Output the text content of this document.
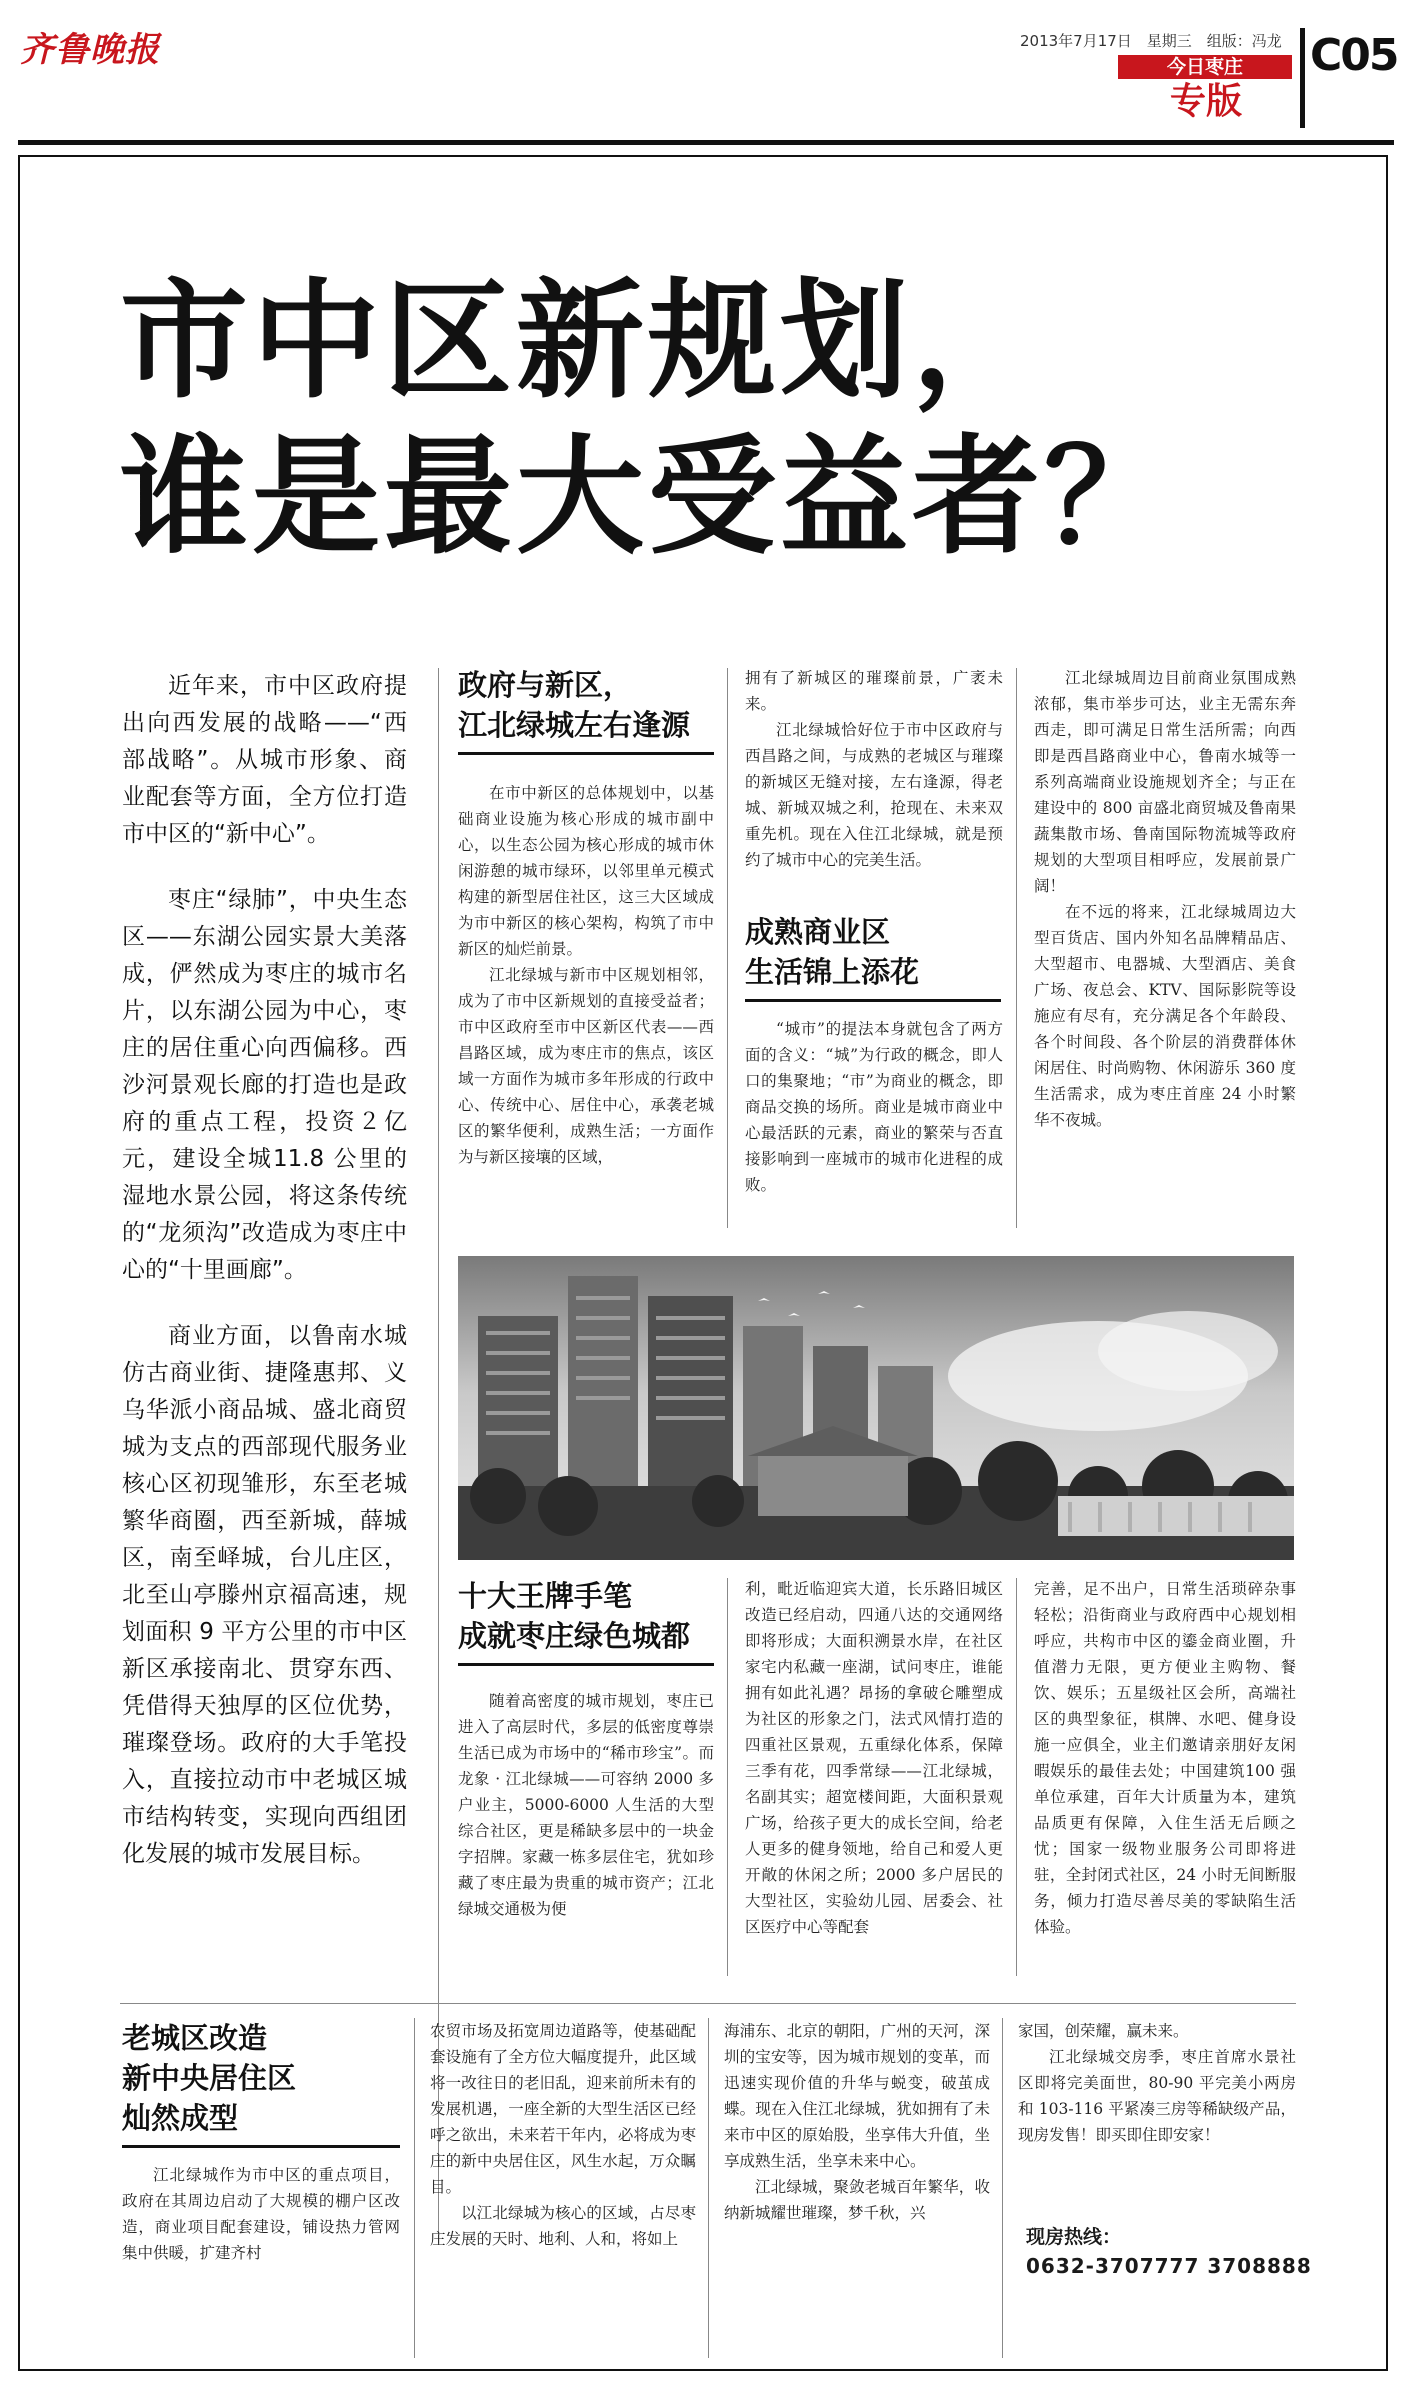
齐鲁晚报	2013年7月17日　星期三　组版：冯龙
今日枣庄
专版
C05
市中区新规划，
谁是最大受益者？

近年来，市中区政府提出向西发展的战略——“西部战略”。从城市形象、商业配套等方面，全方位打造市中区的“新中心”。

枣庄“绿肺”，中央生态区——东湖公园实景大美落成，俨然成为枣庄的城市名片，以东湖公园为中心，枣庄的居住重心向西偏移。西沙河景观长廊的打造也是政府的重点工程，投资２亿元，建设全城11.8 公里的湿地水景公园，将这条传统的“龙须沟”改造成为枣庄中心的“十里画廊”。

商业方面，以鲁南水城仿古商业街、捷隆惠邦、义乌华派小商品城、盛北商贸城为支点的西部现代服务业核心区初现雏形，东至老城繁华商圈，西至新城，薛城区，南至峄城，台儿庄区，北至山亭滕州京福高速，规划面积 9 平方公里的市中区新区承接南北、贯穿东西、凭借得天独厚的区位优势，璀璨登场。政府的大手笔投入，直接拉动市中老城区城市结构转变，实现向西组团化发展的城市发展目标。

政府与新区，
江北绿城左右逢源

在市中新区的总体规划中，以基础商业设施为核心形成的城市副中心，以生态公园为核心形成的城市休闲游憩的城市绿环，以邻里单元模式构建的新型居住社区，这三大区域成为市中新区的核心架构，构筑了市中新区的灿烂前景。

江北绿城与新市中区规划相邻，成为了市中区新规划的直接受益者；市中区政府至市中区新区代表——西昌路区域，成为枣庄市的焦点，该区域一方面作为城市多年形成的行政中心、传统中心、居住中心，承袭老城区的繁华便利，成熟生活；一方面作为与新区接壤的区域，

拥有了新城区的璀璨前景，广袤未来。

江北绿城恰好位于市中区政府与西昌路之间，与成熟的老城区与璀璨的新城区无缝对接，左右逢源，得老城、新城双城之利，抢现在、未来双重先机。现在入住江北绿城，就是预约了城市中心的完美生活。

成熟商业区
生活锦上添花

“城市”的提法本身就包含了两方面的含义：“城”为行政的概念，即人口的集聚地；“市”为商业的概念，即商品交换的场所。商业是城市商业中心最活跃的元素，商业的繁荣与否直接影响到一座城市的城市化进程的成败。

江北绿城周边目前商业氛围成熟浓郁，集市举步可达，业主无需东奔西走，即可满足日常生活所需；向西即是西昌路商业中心，鲁南水城等一系列高端商业设施规划齐全；与正在建设中的 800 亩盛北商贸城及鲁南果蔬集散市场、鲁南国际物流城等政府规划的大型项目相呼应，发展前景广阔！

在不远的将来，江北绿城周边大型百货店、国内外知名品牌精品店、大型超市、电器城、大型酒店、美食广场、夜总会、KTV、国际影院等设施应有尽有，充分满足各个年龄段、各个时间段、各个阶层的消费群体休闲居住、时尚购物、休闲游乐 360 度生活需求，成为枣庄首座 24 小时繁华不夜城。

十大王牌手笔
成就枣庄绿色城都

随着高密度的城市规划，枣庄已进入了高层时代，多层的低密度尊崇生活已成为市场中的“稀市珍宝”。而龙象 · 江北绿城——可容纳 2000 多户业主，5000-6000 人生活的大型综合社区，更是稀缺多层中的一块金字招牌。家藏一栋多层住宅，犹如珍藏了枣庄最为贵重的城市资产；江北绿城交通极为便

利，毗近临迎宾大道，长乐路旧城区改造已经启动，四通八达的交通网络即将形成；大面积溯景水岸，在社区家宅内私藏一座湖，试问枣庄，谁能拥有如此礼遇？昂扬的拿破仑雕塑成为社区的形象之门，法式风情打造的四重社区景观，五重绿化体系，保障三季有花，四季常绿——江北绿城，名副其实；超宽楼间距，大面积景观广场，给孩子更大的成长空间，给老人更多的健身领地，给自己和爱人更开敞的休闲之所；2000 多户居民的大型社区，实验幼儿园、居委会、社区医疗中心等配套

完善，足不出户，日常生活琐碎杂事轻松；沿街商业与政府西中心规划相呼应，共构市中区的鎏金商业圈，升值潜力无限，更方便业主购物、餐饮、娱乐；五星级社区会所，高端社区的典型象征，棋牌、水吧、健身设施一应俱全，业主们邀请亲朋好友闲暇娱乐的最佳去处；中国建筑100 强单位承建，百年大计质量为本，建筑品质更有保障，入住生活无后顾之忧；国家一级物业服务公司即将进驻，全封闭式社区，24 小时无间断服务，倾力打造尽善尽美的零缺陷生活体验。

老城区改造
新中央居住区
灿然成型

江北绿城作为市中区的重点项目，政府在其周边启动了大规模的棚户区改造，商业项目配套建设，铺设热力管网集中供暖，扩建齐村

农贸市场及拓宽周边道路等，使基础配套设施有了全方位大幅度提升，此区域将一改往日的老旧乱，迎来前所未有的发展机遇，一座全新的大型生活区已经呼之欲出，未来若干年内，必将成为枣庄的新中央居住区，风生水起，万众瞩目。

以江北绿城为核心的区域，占尽枣庄发展的天时、地利、人和，将如上

海浦东、北京的朝阳，广州的天河，深圳的宝安等，因为城市规划的变革，而迅速实现价值的升华与蜕变，破茧成蝶。现在入住江北绿城，犹如拥有了未来市中区的原始股，坐享伟大升值，坐享成熟生活，坐享未来中心。

江北绿城，聚敛老城百年繁华，收纳新城耀世璀璨，梦千秋，兴

家国，创荣耀，赢未来。

江北绿城交房季，枣庄首席水景社区即将完美面世，80-90 平完美小两房和 103-116 平紧凑三房等稀缺级产品，现房发售！即买即住即安家！

现房热线：
0632-3707777 3708888
